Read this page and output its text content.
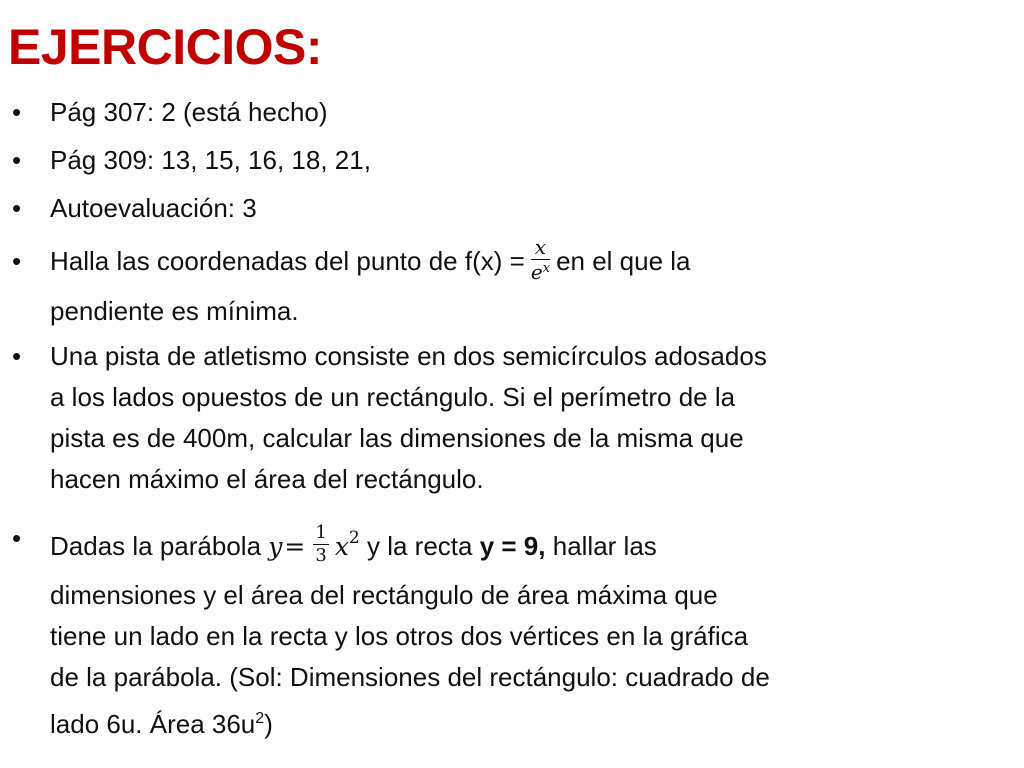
EJERCICIOS:
• Pág 307: 2 (está hecho)
• Pág 309: 13, 15, 16, 18, 21,
• Autoevaluación: 3
• Halla las coordenadas del punto de $f(x) = \frac{x}{e^x}$ en el que la
pendiente es mínima.
• Una pista de atletismo consiste en dos semicírculos adosados
a los lados opuestos de un rectángulo. Si el perímetro de la
pista es de 400m, calcular las dimensiones de la misma que
hacen máximo el área del rectángulo.
• Dadas la parábola $y= \frac{1}{3} x^2$ y la recta y = 9, hallar las
dimensiones y el área del rectángulo de área máxima que
tiene un lado en la recta y los otros dos vértices en la gráfica
de la parábola. (Sol: Dimensiones del rectángulo: cuadrado de
lado 6u. Área $36u^2$)
